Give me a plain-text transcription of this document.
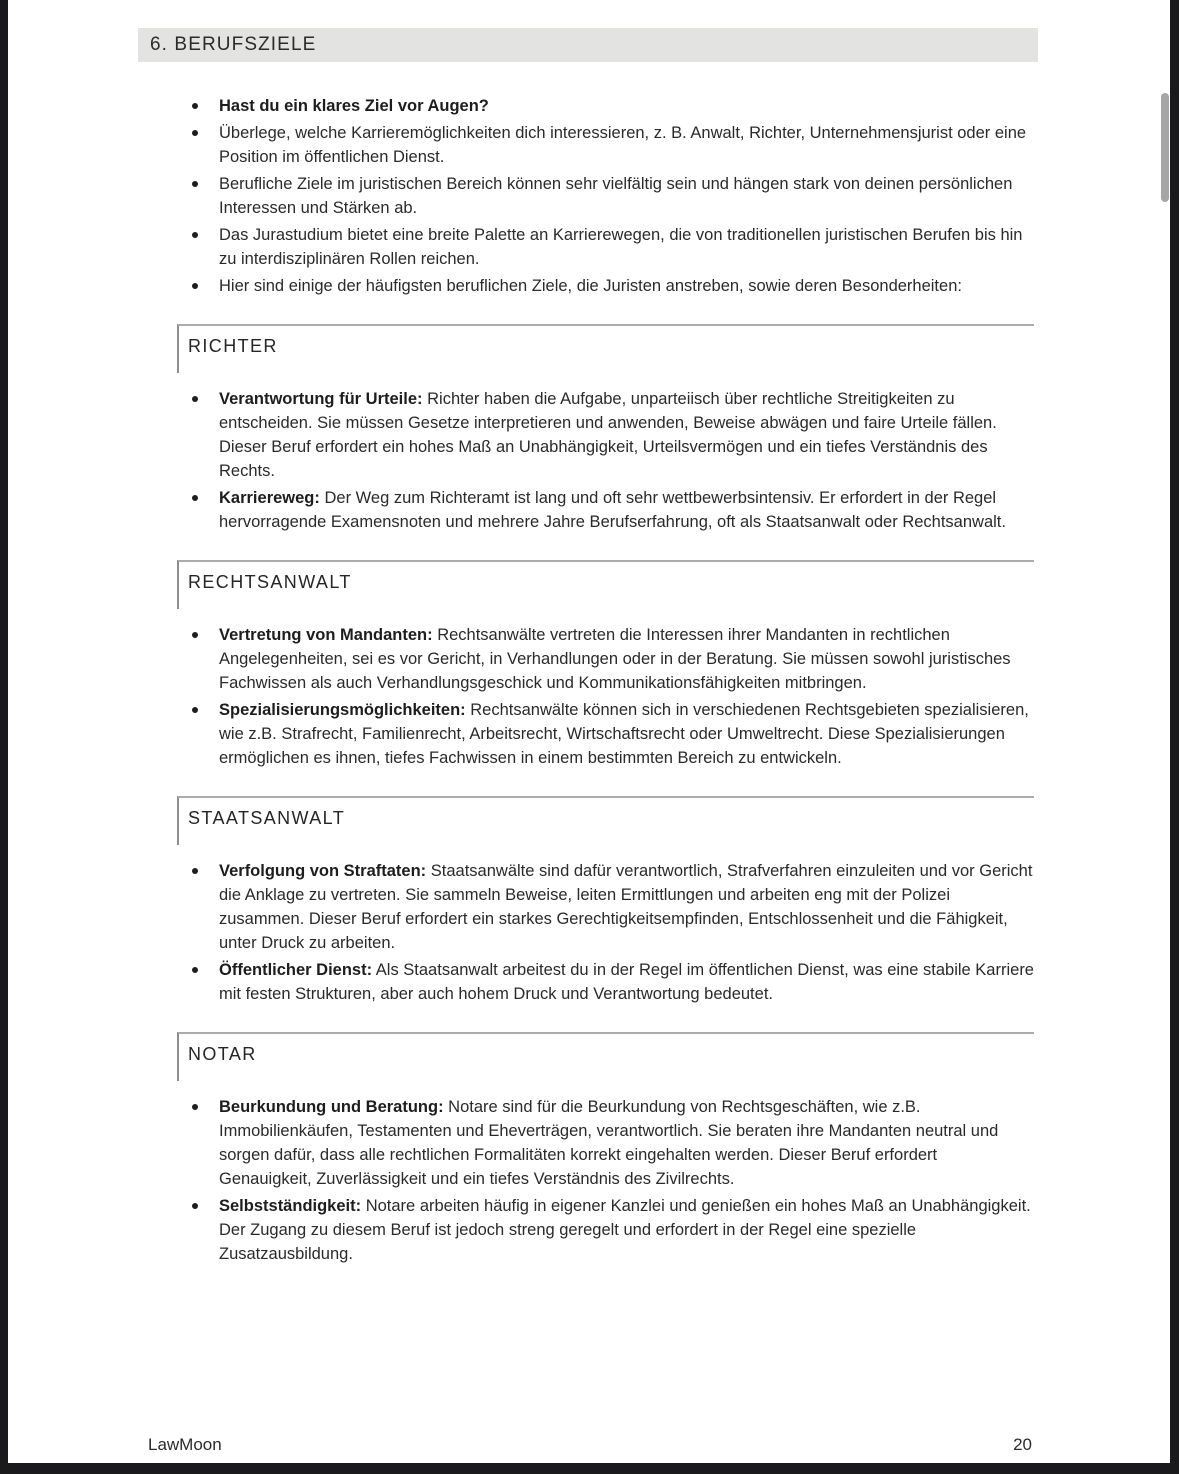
6. BERUFSZIELE
Hast du ein klares Ziel vor Augen?
Überlege, welche Karrieremöglichkeiten dich interessieren, z. B. Anwalt, Richter, Unternehmensjurist oder eine Position im öffentlichen Dienst.
Berufliche Ziele im juristischen Bereich können sehr vielfältig sein und hängen stark von deinen persönlichen Interessen und Stärken ab.
Das Jurastudium bietet eine breite Palette an Karrierewegen, die von traditionellen juristischen Berufen bis hin zu interdisziplinären Rollen reichen.
Hier sind einige der häufigsten beruflichen Ziele, die Juristen anstreben, sowie deren Besonderheiten:
RICHTER
Verantwortung für Urteile: Richter haben die Aufgabe, unparteiisch über rechtliche Streitigkeiten zu entscheiden. Sie müssen Gesetze interpretieren und anwenden, Beweise abwägen und faire Urteile fällen. Dieser Beruf erfordert ein hohes Maß an Unabhängigkeit, Urteilsvermögen und ein tiefes Verständnis des Rechts.
Karriereweg: Der Weg zum Richteramt ist lang und oft sehr wettbewerbsintensiv. Er erfordert in der Regel hervorragende Examensnoten und mehrere Jahre Berufserfahrung, oft als Staatsanwalt oder Rechtsanwalt.
RECHTSANWALT
Vertretung von Mandanten: Rechtsanwälte vertreten die Interessen ihrer Mandanten in rechtlichen Angelegenheiten, sei es vor Gericht, in Verhandlungen oder in der Beratung. Sie müssen sowohl juristisches Fachwissen als auch Verhandlungsgeschick und Kommunikationsfähigkeiten mitbringen.
Spezialisierungsmöglichkeiten: Rechtsanwälte können sich in verschiedenen Rechtsgebieten spezialisieren, wie z.B. Strafrecht, Familienrecht, Arbeitsrecht, Wirtschaftsrecht oder Umweltrecht. Diese Spezialisierungen ermöglichen es ihnen, tiefes Fachwissen in einem bestimmten Bereich zu entwickeln.
STAATSANWALT
Verfolgung von Straftaten: Staatsanwälte sind dafür verantwortlich, Strafverfahren einzuleiten und vor Gericht die Anklage zu vertreten. Sie sammeln Beweise, leiten Ermittlungen und arbeiten eng mit der Polizei zusammen. Dieser Beruf erfordert ein starkes Gerechtigkeitsempfinden, Entschlossenheit und die Fähigkeit, unter Druck zu arbeiten.
Öffentlicher Dienst: Als Staatsanwalt arbeitest du in der Regel im öffentlichen Dienst, was eine stabile Karriere mit festen Strukturen, aber auch hohem Druck und Verantwortung bedeutet.
NOTAR
Beurkundung und Beratung: Notare sind für die Beurkundung von Rechtsgeschäften, wie z.B. Immobilienkäufen, Testamenten und Eheverträgen, verantwortlich. Sie beraten ihre Mandanten neutral und sorgen dafür, dass alle rechtlichen Formalitäten korrekt eingehalten werden. Dieser Beruf erfordert Genauigkeit, Zuverlässigkeit und ein tiefes Verständnis des Zivilrechts.
Selbstständigkeit: Notare arbeiten häufig in eigener Kanzlei und genießen ein hohes Maß an Unabhängigkeit. Der Zugang zu diesem Beruf ist jedoch streng geregelt und erfordert in der Regel eine spezielle Zusatzausbildung.
LawMoon	20
